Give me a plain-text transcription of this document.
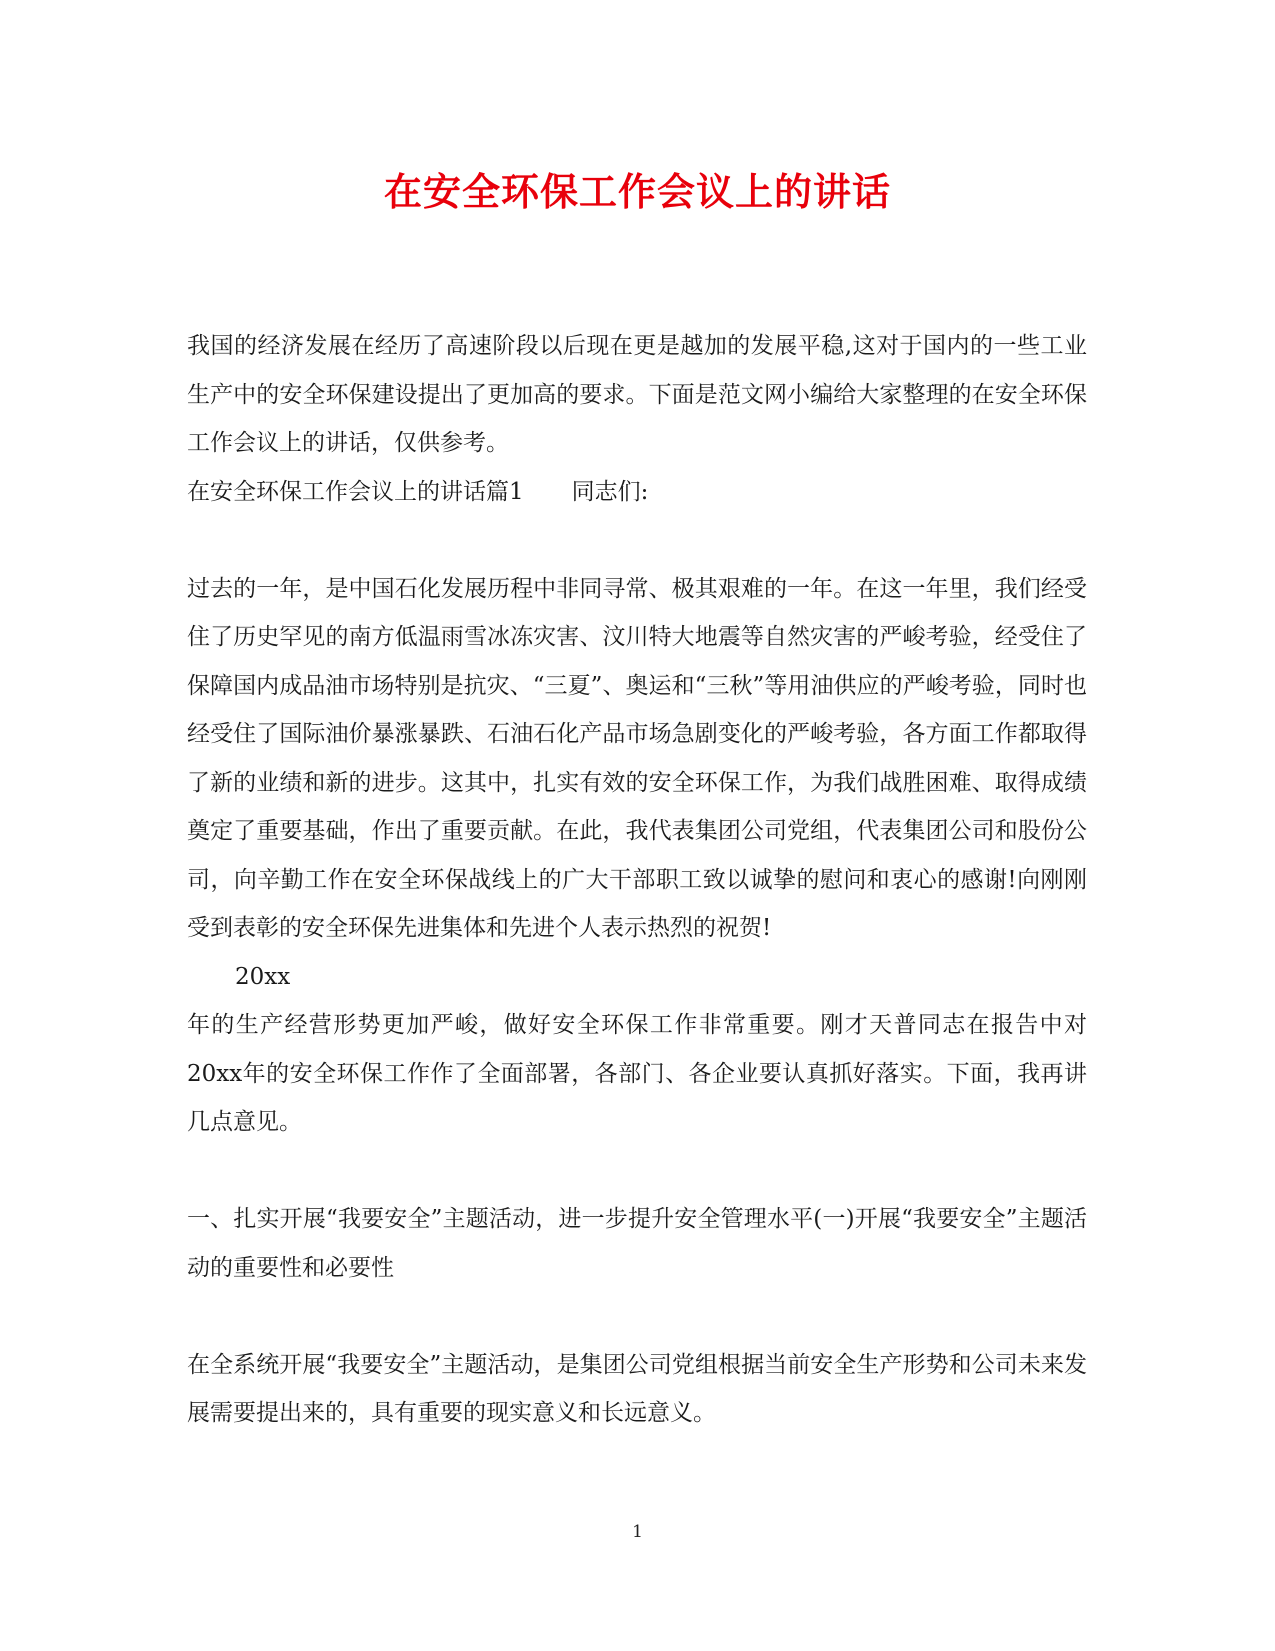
在安全环保工作会议上的讲话

我国的经济发展在经历了高速阶段以后现在更是越加的发展平稳,这对于国内的一些工业生产中的安全环保建设提出了更加高的要求。下面是范文网小编给大家整理的在安全环保工作会议上的讲话，仅供参考。

在安全环保工作会议上的讲话篇1 同志们:

过去的一年，是中国石化发展历程中非同寻常、极其艰难的一年。在这一年里，我们经受住了历史罕见的南方低温雨雪冰冻灾害、汶川特大地震等自然灾害的严峻考验，经受住了保障国内成品油市场特别是抗灾、“三夏”、奥运和“三秋”等用油供应的严峻考验，同时也经受住了国际油价暴涨暴跌、石油石化产品市场急剧变化的严峻考验，各方面工作都取得了新的业绩和新的进步。这其中，扎实有效的安全环保工作，为我们战胜困难、取得成绩奠定了重要基础，作出了重要贡献。在此，我代表集团公司党组，代表集团公司和股份公司，向辛勤工作在安全环保战线上的广大干部职工致以诚挚的慰问和衷心的感谢!向刚刚受到表彰的安全环保先进集体和先进个人表示热烈的祝贺!

20xx

年的生产经营形势更加严峻，做好安全环保工作非常重要。刚才天普同志在报告中对20xx年的安全环保工作作了全面部署，各部门、各企业要认真抓好落实。下面，我再讲几点意见。

一、扎实开展“我要安全”主题活动，进一步提升安全管理水平(一)开展“我要安全”主题活动的重要性和必要性

在全系统开展“我要安全”主题活动，是集团公司党组根据当前安全生产形势和公司未来发展需要提出来的，具有重要的现实意义和长远意义。

1
